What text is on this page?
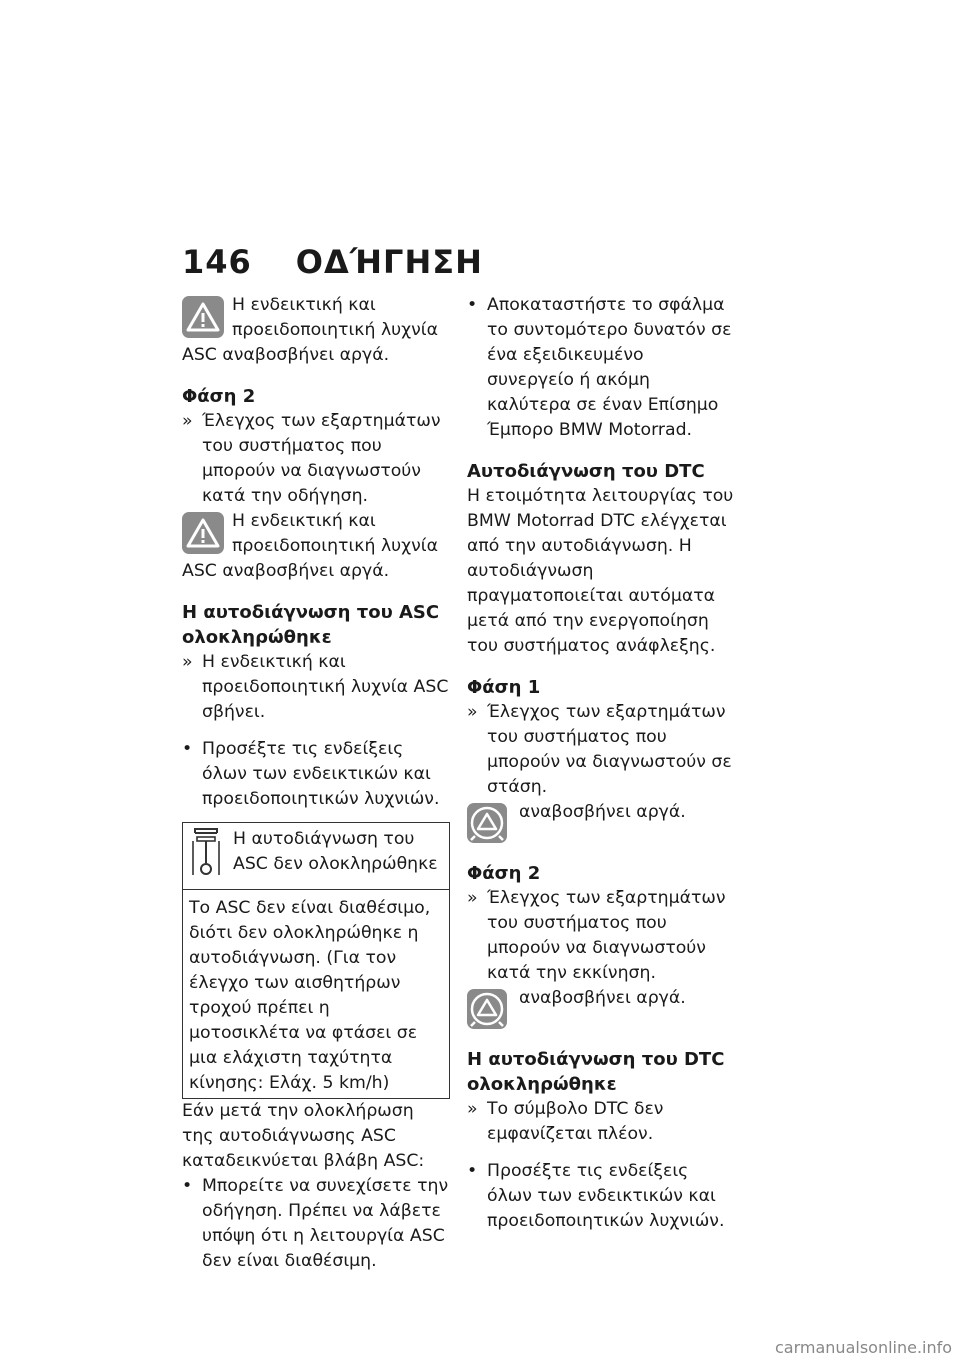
146 ΟΔΉΓΗΣΗ

Η ενδεικτική και προειδοποιητική λυχνία ASC αναβοσβήνει αργά.

Φάση 2

» Έλεγχος των εξαρτημάτων του συστήματος που μπορούν να διαγνωστούν κατά την οδήγηση.

Η ενδεικτική και προειδοποιητική λυχνία ASC αναβοσβήνει αργά.

Η αυτοδιάγνωση του ASC ολοκληρώθηκε

» Η ενδεικτική και προειδοποιητική λυχνία ASC σβήνει.

• Προσέξτε τις ενδείξεις όλων των ενδεικτικών και προειδοποιητικών λυχνιών.

Η αυτοδιάγνωση του ASC δεν ολοκληρώθηκε
Το ASC δεν είναι διαθέσιμο, διότι δεν ολοκληρώθηκε η αυτοδιάγνωση. (Για τον έλεγχο των αισθητήρων τροχού πρέπει η μοτοσικλέτα να φτάσει σε μια ελάχιστη ταχύτητα κίνησης: Ελάχ. 5 km/h)

Εάν μετά την ολοκλήρωση της αυτοδιάγνωσης ASC καταδεικνύεται βλάβη ASC:

• Μπορείτε να συνεχίσετε την οδήγηση. Πρέπει να λάβετε υπόψη ότι η λειτουργία ASC δεν είναι διαθέσιμη.

• Αποκαταστήστε το σφάλμα το συντομότερο δυνατόν σε ένα εξειδικευμένο συνεργείο ή ακόμη καλύτερα σε έναν Επίσημο Έμπορο BMW Motorrad.

Αυτοδιάγνωση του DTC

Η ετοιμότητα λειτουργίας του BMW Motorrad DTC ελέγχεται από την αυτοδιάγνωση. Η αυτοδιάγνωση πραγματοποιείται αυτόματα μετά από την ενεργοποίηση του συστήματος ανάφλεξης.

Φάση 1

» Έλεγχος των εξαρτημάτων του συστήματος που μπορούν να διαγνωστούν σε στάση.

αναβοσβήνει αργά.

Φάση 2

» Έλεγχος των εξαρτημάτων του συστήματος που μπορούν να διαγνωστούν κατά την εκκίνηση.

αναβοσβήνει αργά.

Η αυτοδιάγνωση του DTC ολοκληρώθηκε

» Το σύμβολο DTC δεν εμφανίζεται πλέον.

• Προσέξτε τις ενδείξεις όλων των ενδεικτικών και προειδοποιητικών λυχνιών.

carmanualsonline.info
